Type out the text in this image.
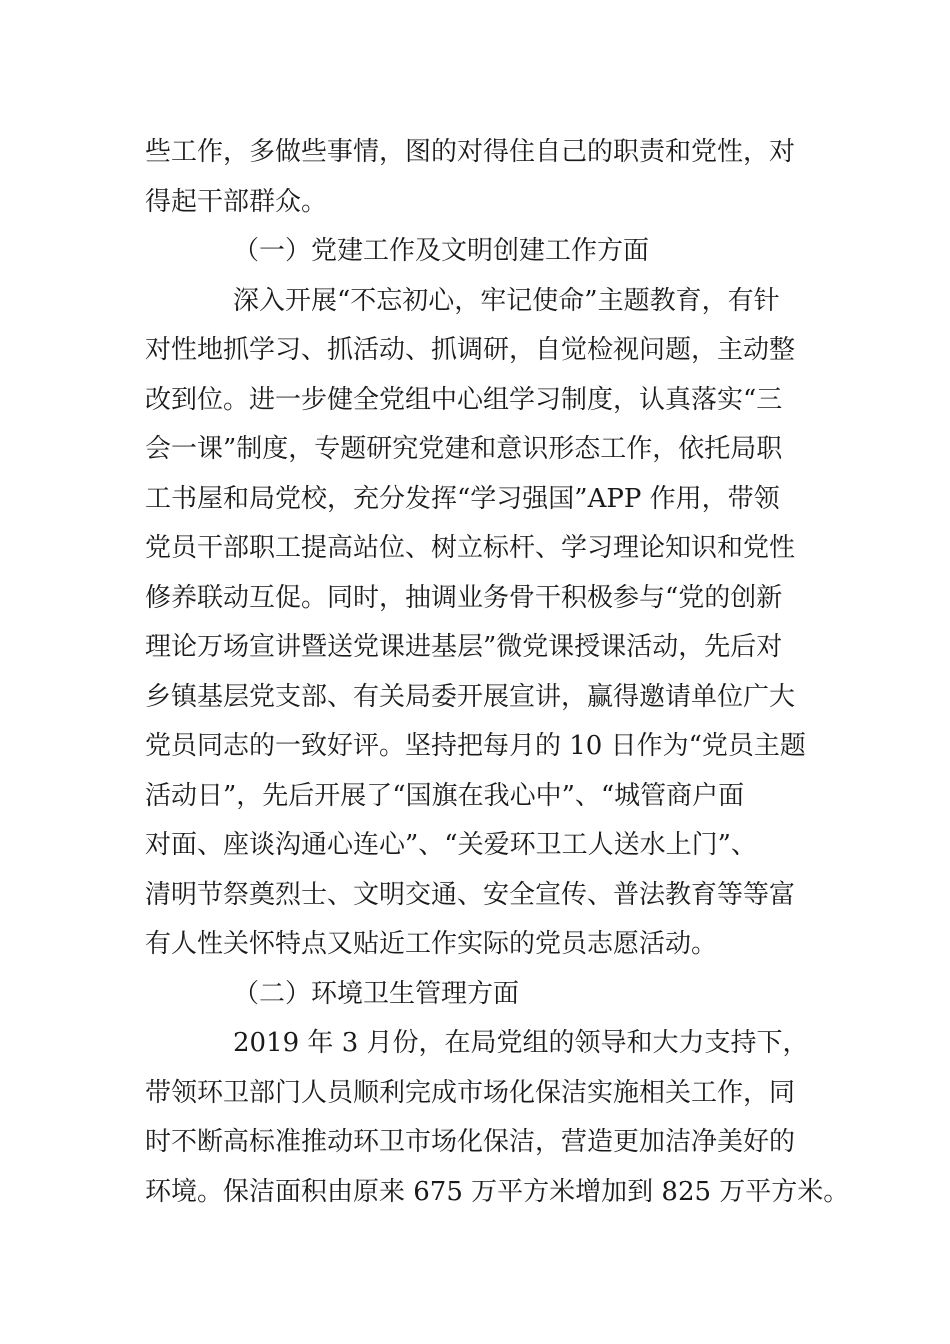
些工作，多做些事情，图的对得住自己的职责和党性，对
得起干部群众。
（一）党建工作及文明创建工作方面
深入开展“不忘初心，牢记使命”主题教育，有针
对性地抓学习、抓活动、抓调研，自觉检视问题，主动整
改到位。进一步健全党组中心组学习制度，认真落实“三
会一课”制度，专题研究党建和意识形态工作，依托局职
工书屋和局党校，充分发挥“学习强国”APP 作用，带领
党员干部职工提高站位、树立标杆、学习理论知识和党性
修养联动互促。同时，抽调业务骨干积极参与“党的创新
理论万场宣讲暨送党课进基层”微党课授课活动，先后对
乡镇基层党支部、有关局委开展宣讲，赢得邀请单位广大
党员同志的一致好评。坚持把每月的 10 日作为“党员主题
活动日”，先后开展了“国旗在我心中”、“城管商户面
对面、座谈沟通心连心”、“关爱环卫工人送水上门”、
清明节祭奠烈士、文明交通、安全宣传、普法教育等等富
有人性关怀特点又贴近工作实际的党员志愿活动。
（二）环境卫生管理方面
2019 年 3 月份，在局党组的领导和大力支持下，
带领环卫部门人员顺利完成市场化保洁实施相关工作，同
时不断高标准推动环卫市场化保洁，营造更加洁净美好的
环境。保洁面积由原来 675 万平方米增加到 825 万平方米。
